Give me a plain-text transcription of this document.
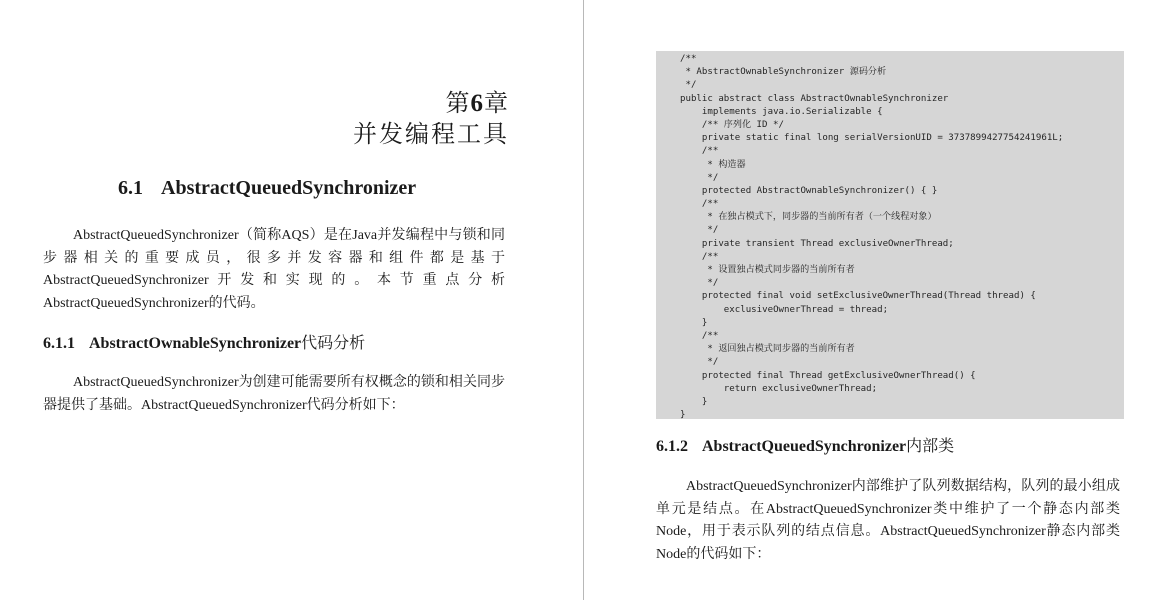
第6章
并发编程工具
6.1 AbstractQueuedSynchronizer
AbstractQueuedSynchronizer（简称AQS）是在Java并发编程中与锁和同步器相关的重要成员，很多并发容器和组件都是基于AbstractQueuedSynchronizer开发和实现的。本节重点分析AbstractQueuedSynchronizer的代码。
6.1.1 AbstractOwnableSynchronizer代码分析
AbstractQueuedSynchronizer为创建可能需要所有权概念的锁和相关同步器提供了基础。AbstractQueuedSynchronizer代码分析如下：
/**
* AbstractOwnableSynchronizer 源码分析
*/
public abstract class AbstractOwnableSynchronizer
implements java.io.Serializable {
/** 序列化 ID */
private static final long serialVersionUID = 3737899427754241961L;
/**
* 构造器
*/
protected AbstractOwnableSynchronizer() { }
/**
* 在独占模式下，同步器的当前所有者（一个线程对象）
*/
private transient Thread exclusiveOwnerThread;
/**
* 设置独占模式同步器的当前所有者
*/
protected final void setExclusiveOwnerThread(Thread thread) {
exclusiveOwnerThread = thread;
}
/**
* 返回独占模式同步器的当前所有者
*/
protected final Thread getExclusiveOwnerThread() {
return exclusiveOwnerThread;
}
}
6.1.2 AbstractQueuedSynchronizer内部类
AbstractQueuedSynchronizer内部维护了队列数据结构，队列的最小组成单元是结点。在AbstractQueuedSynchronizer类中维护了一个静态内部类Node，用于表示队列的结点信息。AbstractQueuedSynchronizer静态内部类Node的代码如下：
